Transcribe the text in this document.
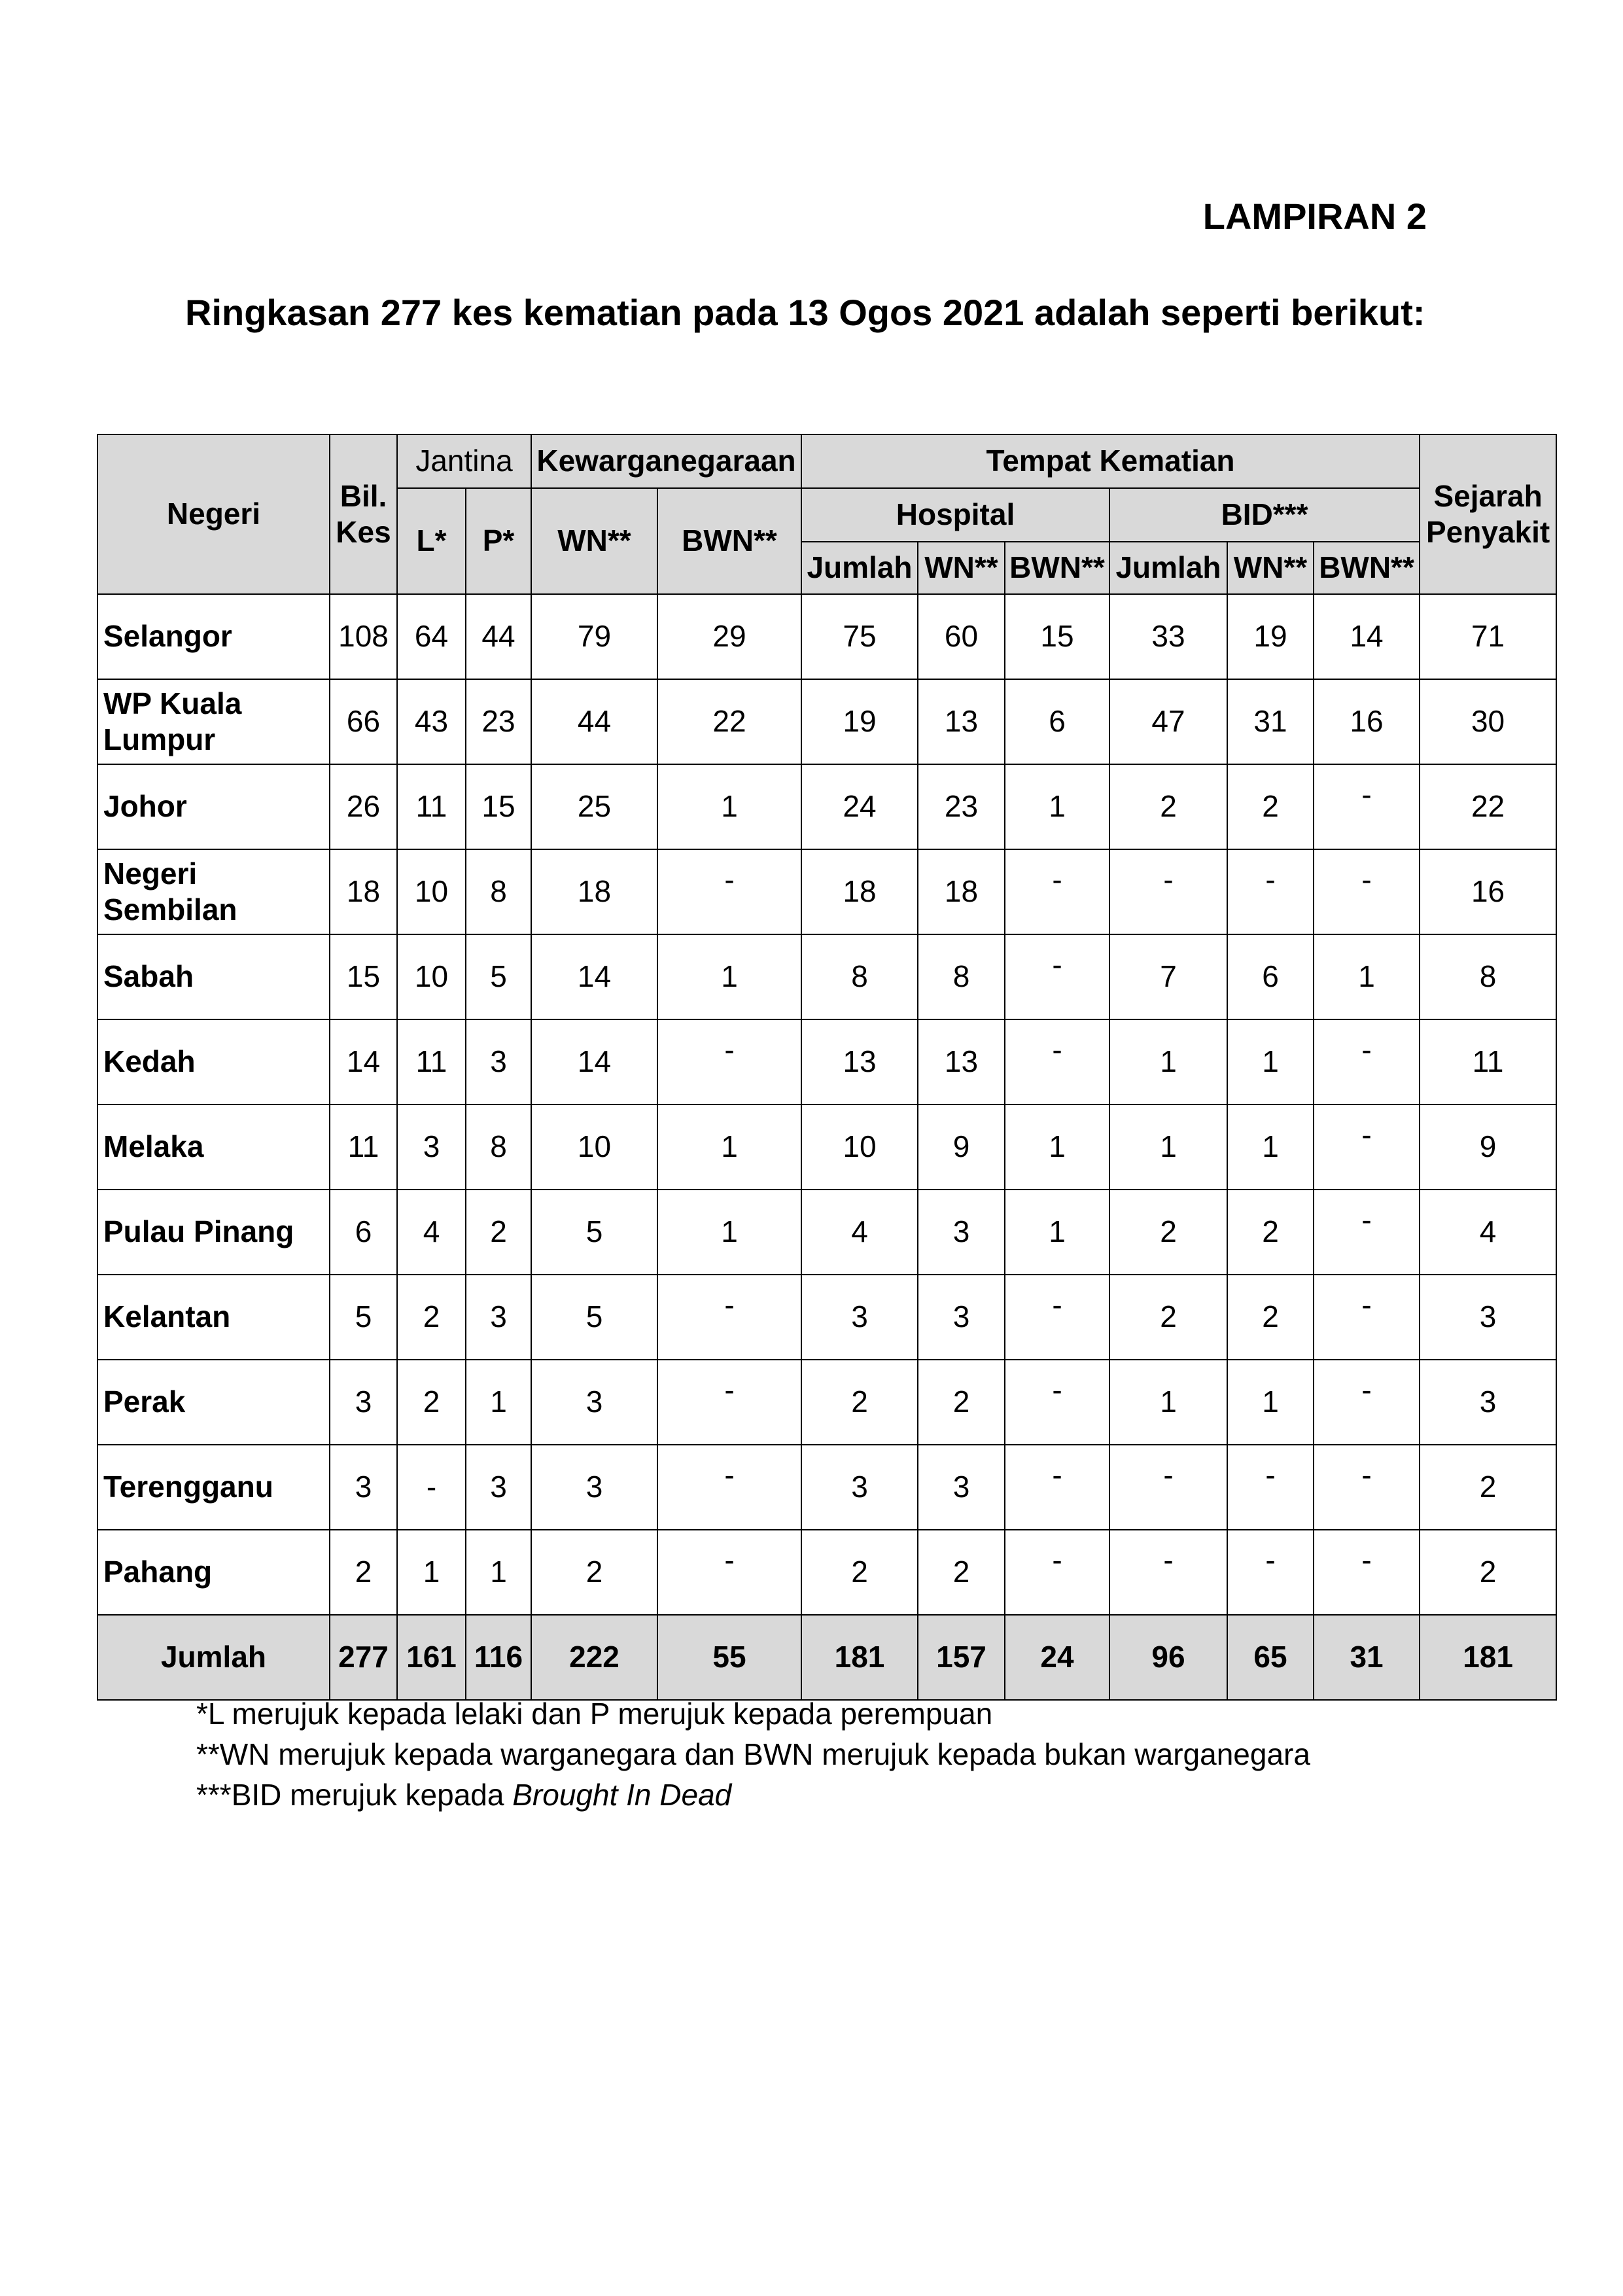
LAMPIRAN 2
Ringkasan 277 kes kematian pada 13 Ogos 2021 adalah seperti berikut:
Negeri	Bil. Kes	Jantina		Kewarganegaraan		Tempat Kematian						Sejarah Penyakit
		L*	P*	WN**	BWN**	Hospital			BID***			
						Jumlah	WN**	BWN**	Jumlah	WN**	BWN**	
Selangor	108	64	44	79	29	75	60	15	33	19	14	71
WP Kuala Lumpur	66	43	23	44	22	19	13	6	47	31	16	30
Johor	26	11	15	25	1	24	23	1	2	2	-	22
Negeri Sembilan	18	10	8	18	-	18	18	-	-	-	-	16
Sabah	15	10	5	14	1	8	8	-	7	6	1	8
Kedah	14	11	3	14	-	13	13	-	1	1	-	11
Melaka	11	3	8	10	1	10	9	1	1	1	-	9
Pulau Pinang	6	4	2	5	1	4	3	1	2	2	-	4
Kelantan	5	2	3	5	-	3	3	-	2	2	-	3
Perak	3	2	1	3	-	2	2	-	1	1	-	3
Terengganu	3	-	3	3	-	3	3	-	-	-	-	2
Pahang	2	1	1	2	-	2	2	-	-	-	-	2
Jumlah	277	161	116	222	55	181	157	24	96	65	31	181
*L merujuk kepada lelaki dan P merujuk kepada perempuan
**WN merujuk kepada warganegara dan BWN merujuk kepada bukan warganegara
***BID merujuk kepada Brought In Dead
